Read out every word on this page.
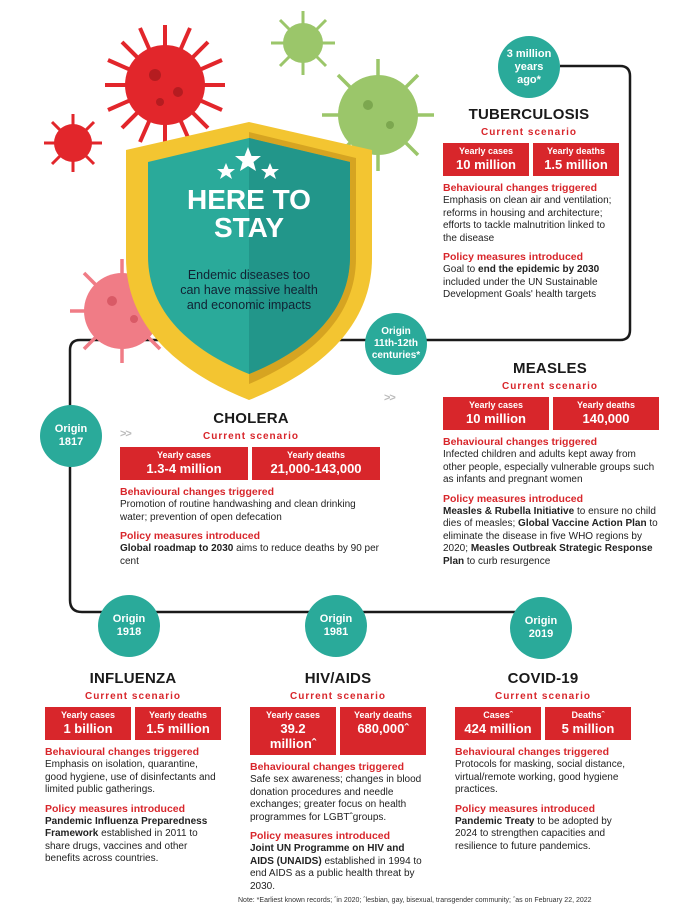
HERE TO
STAY
Endemic diseases too
can have massive health
and economic impacts
3 million
years
ago*
Origin
11th-12th
centuries*
Origin
1817
Origin
1918
Origin
1981
Origin
2019
>>
>>
TUBERCULOSIS
Current scenario
Yearly cases
10 million
Yearly deaths
1.5 million
Behavioural changes triggered
Emphasis on clean air and ventilation; reforms in housing and architecture; efforts to tackle malnutrition linked to the disease
Policy measures introduced
Goal to end the epidemic by 2030 included under the UN Sustainable Development Goals' health targets
MEASLES
Current scenario
Yearly cases
10 million
Yearly deaths
140,000
Behavioural changes triggered
Infected children and adults kept away from other people, especially vulnerable groups such as infants and pregnant women
Policy measures introduced
Measles & Rubella Initiative to ensure no child dies of measles; Global Vaccine Action Plan to eliminate the disease in five WHO regions by 2020; Measles Outbreak Strategic Response Plan to curb resurgence
CHOLERA
Current scenario
Yearly cases
1.3-4 million
Yearly deaths
21,000-143,000
Behavioural changes triggered
Promotion of routine handwashing and clean drinking water; prevention of open defecation
Policy measures introduced
Global roadmap to 2030 aims to reduce deaths by 90 per cent
INFLUENZA
Current scenario
Yearly cases
1 billion
Yearly deaths
1.5 million
Behavioural changes triggered
Emphasis on isolation, quarantine, good hygiene, use of disinfectants and limited public gatherings.
Policy measures introduced
Pandemic Influenza Preparedness Framework established in 2011 to share drugs, vaccines and other benefits across countries.
HIV/AIDS
Current scenario
Yearly cases
39.2 millionˆ
Yearly deaths
680,000ˆ
Behavioural changes triggered
Safe sex awareness; changes in blood donation procedures and needle exchanges; greater focus on health programmes for LGBTˆgroups.
Policy measures introduced
Joint UN Programme on HIV and AIDS (UNAIDS) established in 1994 to end AIDS as a public health threat by 2030.
COVID-19
Current scenario
Casesˆ
424 million
Deathsˆ
5 million
Behavioural changes triggered
Protocols for masking, social distance, virtual/remote working, good hygiene practices.
Policy measures introduced
Pandemic Treaty to be adopted by 2024 to strengthen capacities and resilience to future pandemics.
Note: *Earliest known records; ˆin 2020; ˆlesbian, gay, bisexual, transgender community; ˆas on February 22, 2022
